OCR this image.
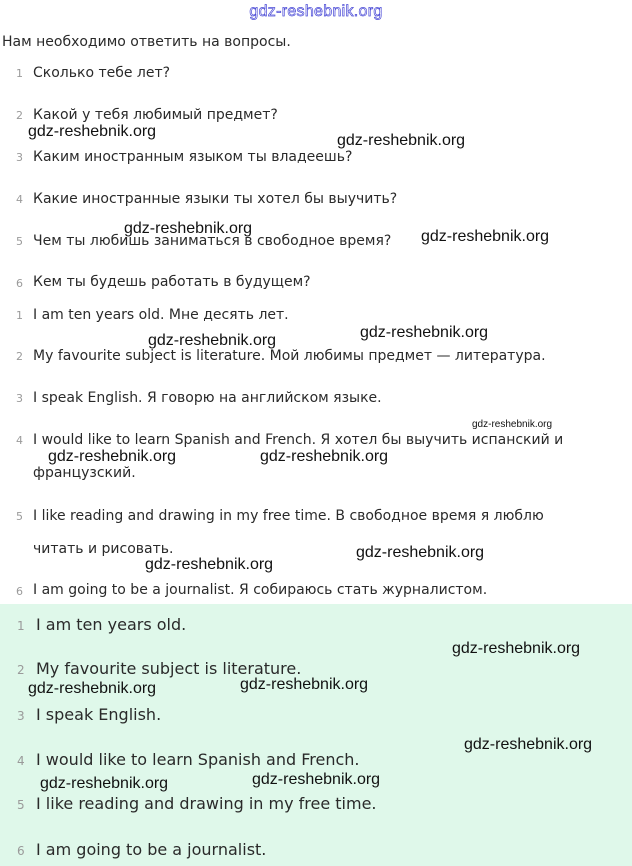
gdz-reshebnik.org
Нам необходимо ответить на вопросы.
1 Сколько тебе лет?
2 Какой у тебя любимый предмет?
3 Каким иностранным языком ты владеешь?
4 Какие иностранные языки ты хотел бы выучить?
5 Чем ты любишь заниматься в свободное время?
6 Кем ты будешь работать в будущем?
1 I am ten years old. Мне десять лет.
2 My favourite subject is literature. Мой любимы предмет — литература.
3 I speak English. Я говорю на английском языке.
4 I would like to learn Spanish and French. Я хотел бы выучить испанский и
французский.
5 I like reading and drawing in my free time. В свободное время я люблю
читать и рисовать.
6 I am going to be a journalist. Я собираюсь стать журналистом.
1 I am ten years old.
2 My favourite subject is literature.
3 I speak English.
4 I would like to learn Spanish and French.
5 I like reading and drawing in my free time.
6 I am going to be a journalist.
gdz-reshebnik.org
gdz-reshebnik.org
gdz-reshebnik.org	gdz-reshebnik.org
gdz-reshebnik.org	gdz-reshebnik.org
gdz-reshebnik.org
gdz-reshebnik.org	gdz-reshebnik.org
gdz-reshebnik.org
gdz-reshebnik.org
gdz-reshebnik.org
gdz-reshebnik.org	gdz-reshebnik.org
gdz-reshebnik.org
gdz-reshebnik.org	gdz-reshebnik.org
